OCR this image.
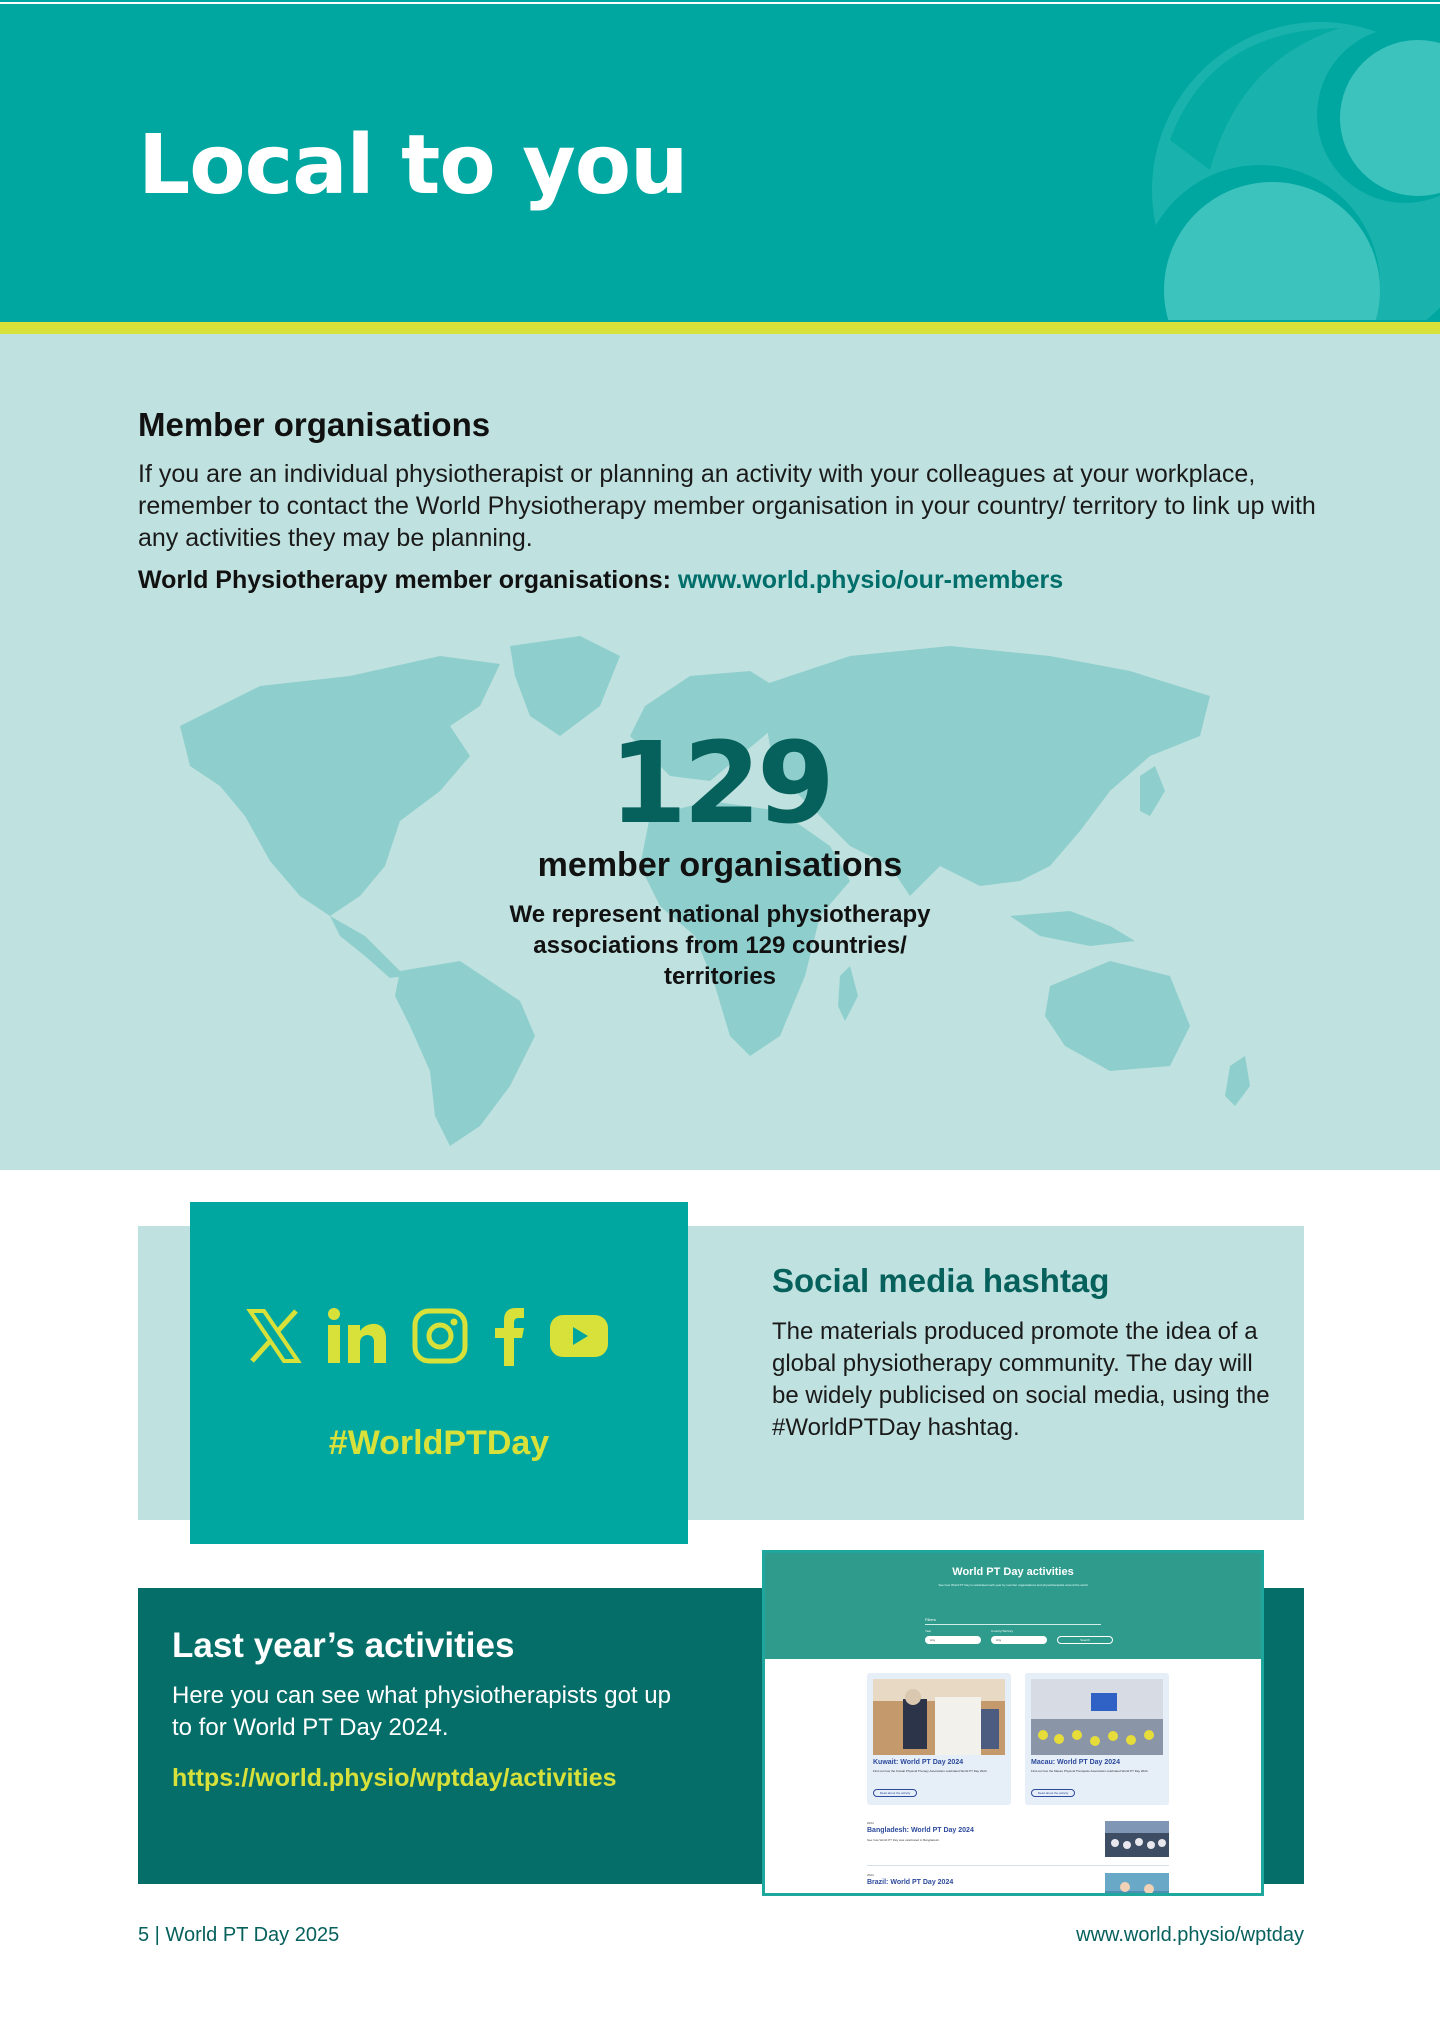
Local to you
Member organisations

If you are an individual physiotherapist or planning an activity with your colleagues at your workplace, remember to contact the World Physiotherapy member organisation in your country/ territory to link up with any activities they may be planning.

World Physiotherapy member organisations: www.world.physio/our-members

129
member organisations
We represent national physiotherapy associations from 129 countries/ territories
#WorldPTDay
Social media hashtag

The materials produced promote the idea of a global physiotherapy community. The day will be widely publicised on social media, using the #WorldPTDay hashtag.

Last year’s activities

Here you can see what physiotherapists got up to for World PT Day 2024.

https://world.physio/wptday/activities
World PT Day activities
See how World PT Day is celebrated each year by member organisations and physiotherapists around the world
Filters
Year	Country/Territory
Any	Any	Search
Kuwait: World PT Day 2024
Find out how the Kuwait Physical Therapy Association celebrated World PT Day 2024.
Read about the activity
Macau: World PT Day 2024
Find out how the Macau Physical Therapists Association celebrated World PT Day 2024.
Read about the activity
2024
Bangladesh: World PT Day 2024
See how World PT Day was celebrated in Bangladesh.
2024
Brazil: World PT Day 2024
5 | World PT Day 2025	www.world.physio/wptday
